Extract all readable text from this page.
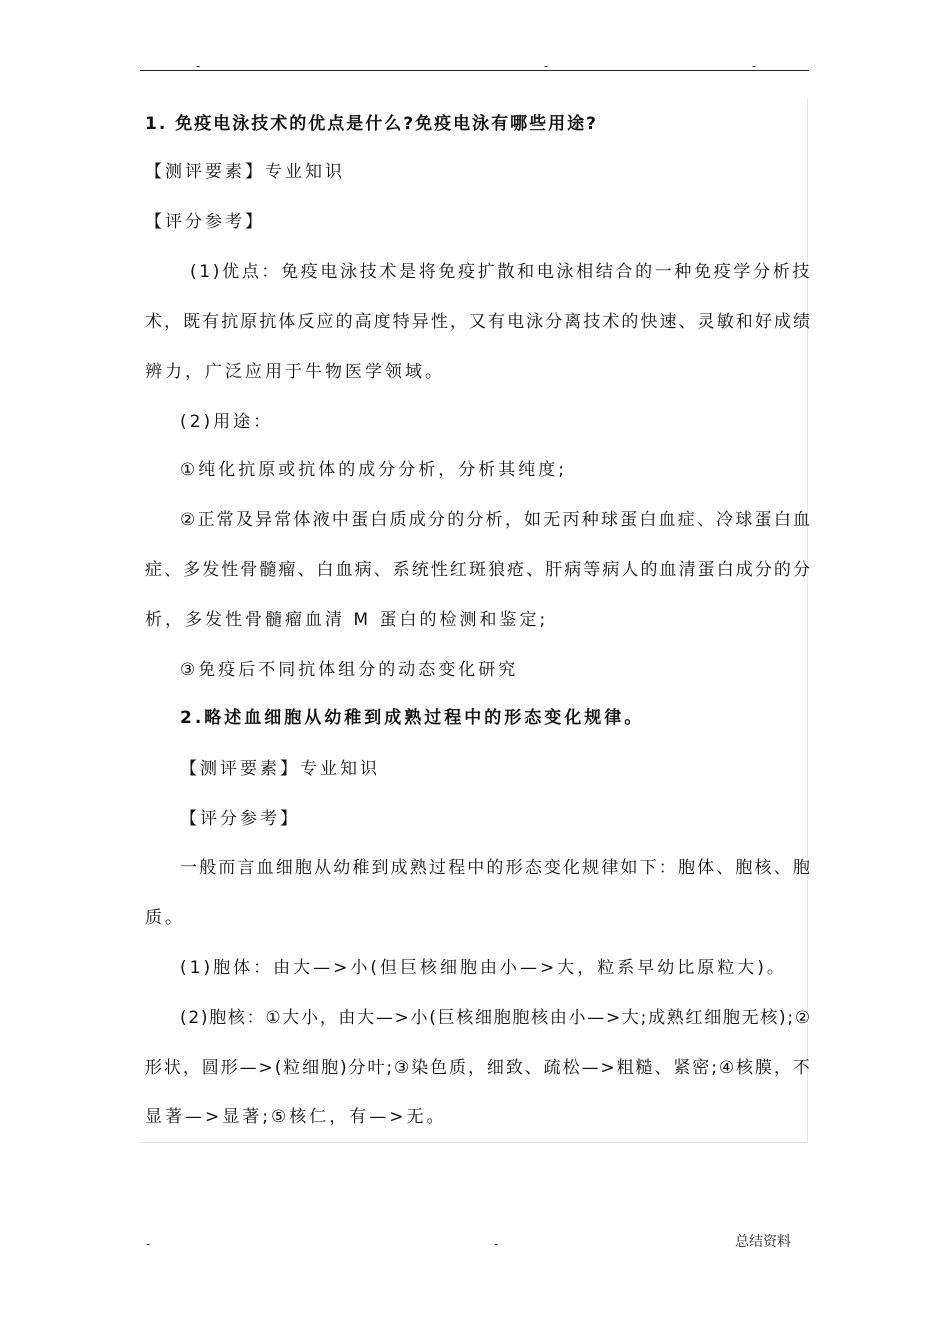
-	-	-
1. 免疫电泳技术的优点是什么?免疫电泳有哪些用途?
【测评要素】专业知识
【评分参考】
(1)优点：免疫电泳技术是将免疫扩散和电泳相结合的一种免疫学分析技
术，既有抗原抗体反应的高度特异性，又有电泳分离技术的快速、灵敏和好成绩
辨力，广泛应用于牛物医学领域。
(2)用途：
①纯化抗原或抗体的成分分析，分析其纯度;
②正常及异常体液中蛋白质成分的分析，如无丙种球蛋白血症、冷球蛋白血
症、多发性骨髓瘤、白血病、系统性红斑狼疮、肝病等病人的血清蛋白成分的分
析，多发性骨髓瘤血清 M 蛋白的检测和鉴定;
③免疫后不同抗体组分的动态变化研究
2.略述血细胞从幼稚到成熟过程中的形态变化规律。
【测评要素】专业知识
【评分参考】
一般而言血细胞从幼稚到成熟过程中的形态变化规律如下：胞体、胞核、胞
质。
(1)胞体：由大—>小(但巨核细胞由小—>大，粒系早幼比原粒大)。
(2)胞核：①大小，由大—>小(巨核细胞胞核由小—>大;成熟红细胞无核);②
形状，圆形—>(粒细胞)分叶;③染色质，细致、疏松—>粗糙、紧密;④核膜，不
显著—>显著;⑤核仁，有—>无。
-	-	总结资料
